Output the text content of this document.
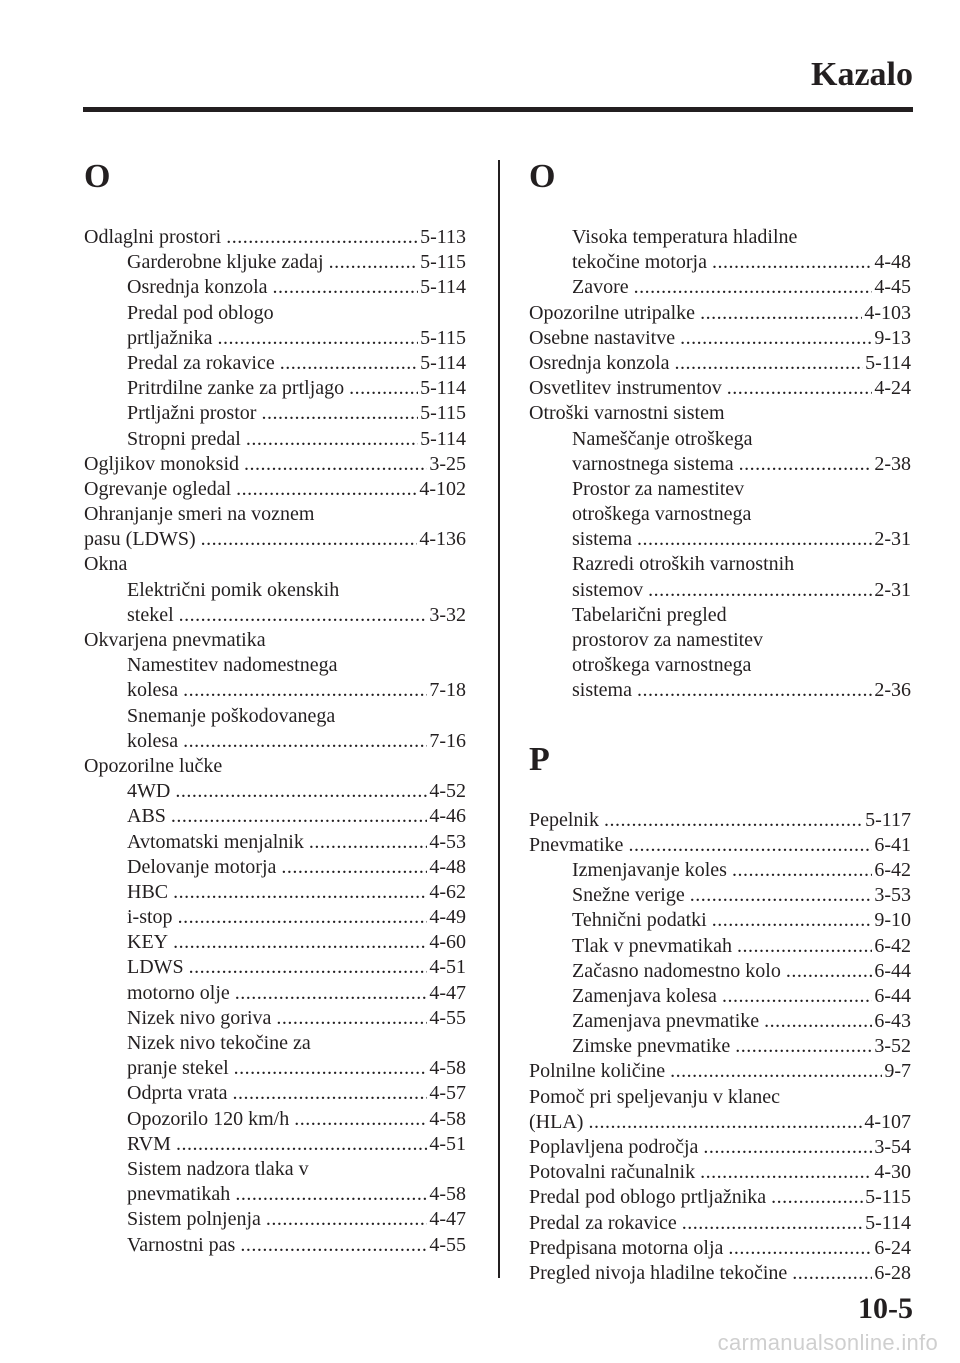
Kazalo
O
Odlaglni prostori .....	5-113
Garderobne kljuke zadaj .....	5-115
Osrednja konzola .....	5-114
Predal pod oblogo
prtljažnika .....	5-115
Predal za rokavice .....	5-114
Pritrdilne zanke za prtljago .....	5-114
Prtljažni prostor .....	5-115
Stropni predal .....	5-114
Ogljikov monoksid .....	3-25
Ogrevanje ogledal .....	4-102
Ohranjanje smeri na voznem
pasu (LDWS) .....	4-136
Okna
Električni pomik okenskih
stekel .....	3-32
Okvarjena pnevmatika
Namestitev nadomestnega
kolesa .....	7-18
Snemanje poškodovanega
kolesa .....	7-16
Opozorilne lučke
4WD .....	4-52
ABS .....	4-46
Avtomatski menjalnik .....	4-53
Delovanje motorja .....	4-48
HBC .....	4-62
i-stop .....	4-49
KEY .....	4-60
LDWS .....	4-51
motorno olje .....	4-47
Nizek nivo goriva .....	4-55
Nizek nivo tekočine za
pranje stekel .....	4-58
Odprta vrata .....	4-57
Opozorilo 120 km/h .....	4-58
RVM .....	4-51
Sistem nadzora tlaka v
pnevmatikah .....	4-58
Sistem polnjenja .....	4-47
Varnostni pas .....	4-55
O
Visoka temperatura hladilne
tekočine motorja .....	4-48
Zavore .....	4-45
Opozorilne utripalke .....	4-103
Osebne nastavitve .....	9-13
Osrednja konzola .....	5-114
Osvetlitev instrumentov .....	4-24
Otroški varnostni sistem
Nameščanje otroškega
varnostnega sistema .....	2-38
Prostor za namestitev
otroškega varnostnega
sistema .....	2-31
Razredi otroških varnostnih
sistemov .....	2-31
Tabelarični pregled
prostorov za namestitev
otroškega varnostnega
sistema .....	2-36
P
Pepelnik .....	5-117
Pnevmatike .....	6-41
Izmenjavanje koles .....	6-42
Snežne verige .....	3-53
Tehnični podatki .....	9-10
Tlak v pnevmatikah .....	6-42
Začasno nadomestno kolo .....	6-44
Zamenjava kolesa .....	6-44
Zamenjava pnevmatike .....	6-43
Zimske pnevmatike .....	3-52
Polnilne količine .....	9-7
Pomoč pri speljevanju v klanec
(HLA) .....	4-107
Poplavljena področja .....	3-54
Potovalni računalnik .....	4-30
Predal pod oblogo prtljažnika .....	5-115
Predal za rokavice .....	5-114
Predpisana motorna olja .....	6-24
Pregled nivoja hladilne tekočine .....	6-28
10-5
carmanualsonline.info
